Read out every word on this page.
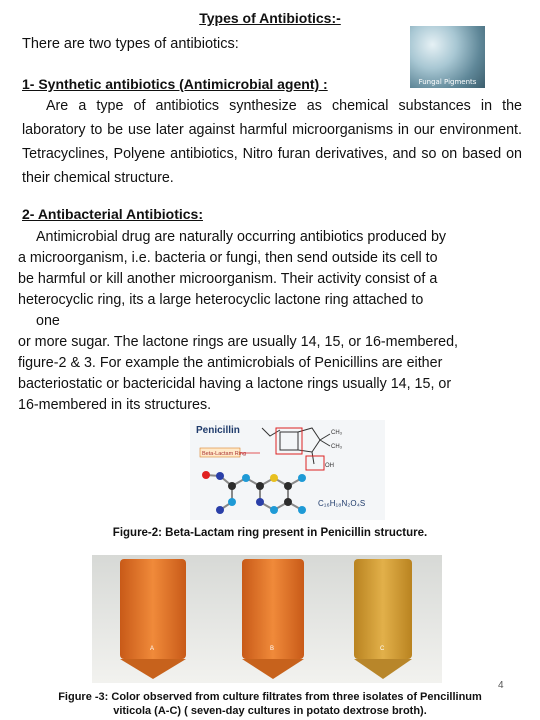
Types of Antibiotics:-
There are two types of antibiotics:
Fungal Pigments
1- Synthetic antibiotics (Antimicrobial agent) :
Are a type of antibiotics synthesize as chemical substances in the laboratory to be use later against harmful microorganisms in our environment. Tetracyclines, Polyene antibiotics, Nitro furan derivatives, and so on based on their chemical structure.
2- Antibacterial Antibiotics:
Antimicrobial drug are naturally occurring antibiotics produced by
a microorganism, i.e. bacteria or fungi, then send outside its cell to
be harmful or kill another microorganism. Their activity consist of a
heterocyclic ring, its a large heterocyclic lactone ring attached to
one
or more sugar. The lactone rings are usually 14, 15, or 16-membered,
figure-2 & 3. For example the antimicrobials of Penicillins are either
bacteriostatic or bactericidal having a lactone rings usually 14, 15, or
16-membered in its structures.
Penicillin	CH₃
CH₃
OH
Beta-Lactam Ring
C₁₆H₁₈N₂O₄S
Figure-2: Beta-Lactam ring present in Penicillin structure.
A	B	C
4
Figure -3: Color observed from culture filtrates from three isolates of Pencillinum
viticola (A-C) ( seven-day cultures in potato dextrose broth).
